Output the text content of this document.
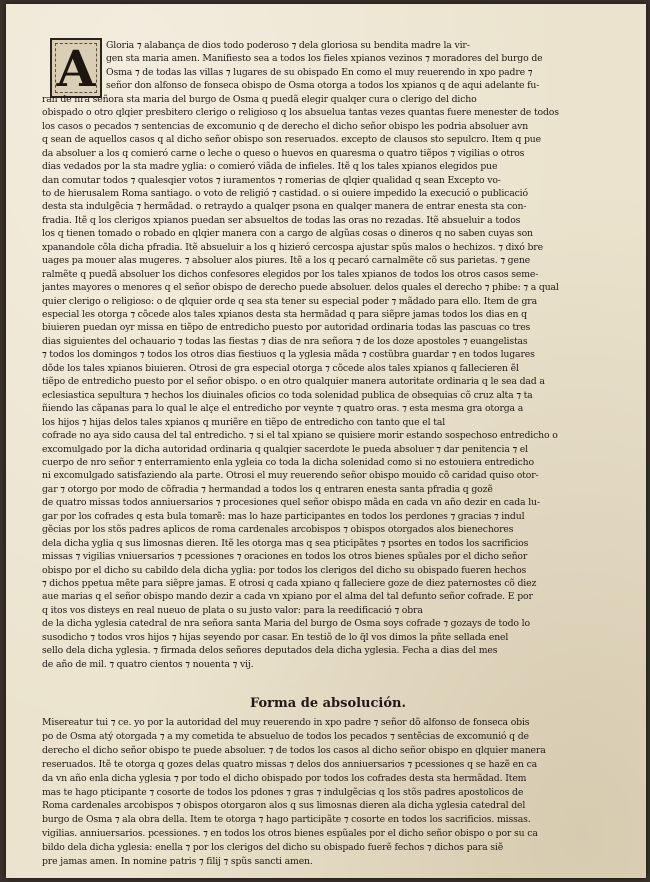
A	Gloria ⁊ alabança de dios todo poderoso ⁊ dela gloriosa su bendita madre la vir-
gen sta maria amen. Manifiesto sea a todos los fieles xpianos vezinos ⁊ moradores del burgo de
Osma ⁊ de todas las villas ⁊ lugares de su obispado En como el muy reuerendo in xpo padre ⁊
señor don alfonso de fonseca obispo de Osma otorga a todos los xpianos q de aqui adelante fu-
ran de nra señora sta maria del burgo de Osma q puedã elegir qualqer cura o clerigo del dicho
obispado o otro qlqier presbitero clerigo o religioso q los absuelua tantas vezes quantas fuere menester de todos
los casos o pecados ⁊ sentencias de excomunio q de derecho el dicho señor obispo les podria absoluer avn
q sean de aquellos casos q al dicho señor obispo son reseruados. excepto de clausos sto sepulcro. Item q pue
da absoluer a los q comieró carne o leche o queso o huevos en quaresma o quatro tiẽpos ⁊ vigilias o otros
dias vedados por la sta madre yglia: o comieró viãda de infieles. Itẽ q los tales xpianos elegidos pue
dan comutar todos ⁊ qualesqier votos ⁊ iuramentos ⁊ romerias de qlqier qualidad q sean Excepto vo-
to de hierusalem Roma santiago. o voto de religió ⁊ castidad. o si ouiere impedido la execució o publicació
desta sta indulgẽcia ⁊ hermãdad. o retraydo a qualqer psona en qualqer manera de entrar enesta sta con-
fradia. Itẽ q los clerigos xpianos puedan ser absueltos de todas las oras no rezadas. Itẽ absueluir a todos
los q tienen tomado o robado en qlqier manera con a cargo de algũas cosas o dineros q no saben cuyas son
xpanandole cõla dicha pfradia. Itẽ absueluir a los q hizieró cercospa ajustar spũs malos o hechizos. ⁊ dixó bre
uages pa mouer alas mugeres. ⁊ absoluer alos piures. Itẽ a los q pecaró carnalmẽte cõ sus parietas. ⁊ gene
ralmẽte q puedã absoluer los dichos confesores elegidos por los tales xpianos de todos los otros casos seme-
jantes mayores o menores q el señor obispo de derecho puede absoluer. delos quales el derecho ⁊ phibe: ⁊ a qual
quier clerigo o religioso: o de qlquier orde q sea sta tener su especial poder ⁊ mãdado para ello. Item de gra
especial les otorga ⁊ cõcede alos tales xpianos desta sta hermãdad q para siẽpre jamas todos los dias en q
biuieren puedan oyr missa en tiẽpo de entredicho puesto por autoridad ordinaria todas las pascuas co tres
dias siguientes del ochauario ⁊ todas las fiestas ⁊ dias de nra señora ⁊ de los doze apostoles ⁊ euangelistas
⁊ todos los domingos ⁊ todos los otros dias fiestiuos q la yglesia mãda ⁊ costũbra guardar ⁊ en todos lugares
dõde los tales xpianos biuieren. Otrosi de gra especial otorga ⁊ cõcede alos tales xpianos q fallecieren ẽl
tiẽpo de entredicho puesto por el señor obispo. o en otro qualquier manera autoritate ordinaria q le sea dad a
eclesiastica sepultura ⁊ hechos los diuinales oficios co toda solenidad publica de obsequias cõ cruz alta ⁊ ta
ñiendo las cãpanas para lo qual le alçe el entredicho por veynte ⁊ quatro oras. ⁊ esta mesma gra otorga a
los hijos ⁊ hijas delos tales xpianos q muriẽre en tiẽpo de entredicho con tanto que el tal
cofrade no aya sido causa del tal entredicho. ⁊ si el tal xpiano se quisiere morir estando sospechoso entredicho o
excomulgado por la dicha autoridad ordinaria q qualqier sacerdote le pueda absoluer ⁊ dar penitencia ⁊ el
cuerpo de nro señor ⁊ enterramiento enla ygleia co toda la dicha solenidad como si no estouiera entredicho
ni excomulgado satisfaziendo ala parte. Otrosi el muy reuerendo señor obispo mouido cõ caridad quiso otor-
gar ⁊ otorgo por modo de cõfradia ⁊ hermandad a todos los q entraren enesta santa pfradia q gozẽ
de quatro missas todos anniuersarios ⁊ procesiones quel señor obispo mãda en cada vn año dezir en cada lu-
gar por los cofrades q esta bula tomarẽ: mas lo haze participantes en todos los perdones ⁊ gracias ⁊ indul
gẽcias por los stõs padres aplicos de roma cardenales arcobispos ⁊ obispos otorgados alos bienechores
dela dicha yglia q sus limosnas dieren. Itẽ les otorga mas q sea pticipãtes ⁊ psortes en todos los sacrificios
missas ⁊ vigilias vniuersarios ⁊ pcessiones ⁊ oraciones en todos los otros bienes spũales por el dicho señor
obispo por el dicho su cabildo dela dicha yglia: por todos los clerigos del dicho su obispado fueren hechos
⁊ dichos ppetua mẽte para siẽpre jamas. E otrosi q cada xpiano q falleciere goze de diez paternostes cõ diez
aue marias q el señor obispo mando dezir a cada vn xpiano por el alma del tal defunto señor cofrade. E por
q itos vos disteys en real nueuo de plata o su justo valor: para la reedificació ⁊ obra
de la dicha yglesia catedral de nra señora santa Maria del burgo de Osma soys cofrade ⁊ gozays de todo lo
susodicho ⁊ todos vros hijos ⁊ hijas seyendo por casar. En testiõ de lo q̃l vos dimos la pñte sellada enel
sello dela dicha yglesia. ⁊ firmada delos señores deputados dela dicha yglesia. Fecha a dias del mes
de año de mil. ⁊ quatro cientos ⁊ nouenta ⁊ vij.
Forma de absolución.
Misereatur tui ⁊ ce. yo por la autoridad del muy reuerendo in xpo padre ⁊ señor dõ alfonso de fonseca obis
po de Osma atý otorgada ⁊ a my cometida te absueluo de todos los pecados ⁊ sentẽcias de excomunió q de
derecho el dicho señor obispo te puede absoluer. ⁊ de todos los casos al dicho señor obispo en qlquier manera
reseruados. Itẽ te otorga q gozes delas quatro missas ⁊ delos dos anniuersarios ⁊ pcessiones q se hazẽ en ca
da vn año enla dicha yglesia ⁊ por todo el dicho obispado por todos los cofrades desta sta hermãdad. Item
mas te hago pticipante ⁊ cosorte de todos los pdones ⁊ gras ⁊ indulgẽcias q los stõs padres apostolicos de
Roma cardenales arcobispos ⁊ obispos otorgaron alos q sus limosnas dieren ala dicha yglesia catedral del
burgo de Osma ⁊ ala obra della. Item te otorga ⁊ hago participãte ⁊ cosorte en todos los sacrificios. missas.
vigilias. anniuersarios. pcessiones. ⁊ en todos los otros bienes espũales por el dicho señor obispo o por su ca
bildo dela dicha yglesia: enella ⁊ por los clerigos del dicho su obispado fuerẽ fechos ⁊ dichos para siẽ
pre jamas amen. In nomine patris ⁊ filij ⁊ spũs sancti amen.
